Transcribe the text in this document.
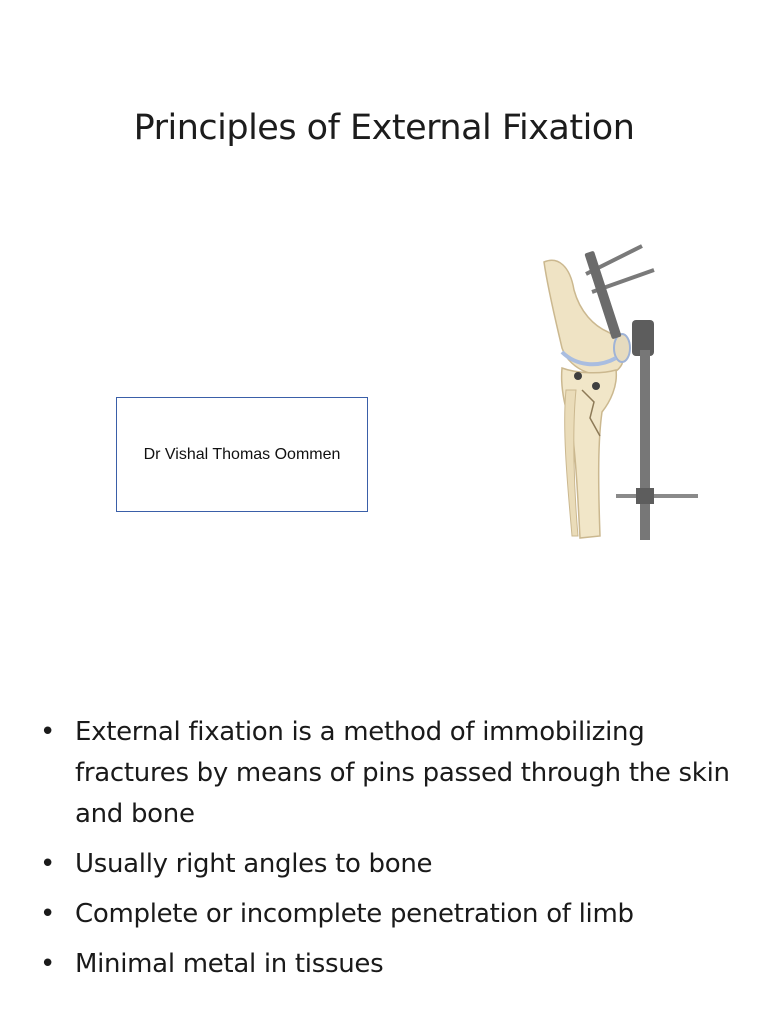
Principles of External Fixation
Dr Vishal Thomas Oommen
• External fixation is a method of immobilizing fractures by means of pins passed through the skin and bone
• Usually right angles to bone
• Complete or incomplete penetration of limb
• Minimal metal in tissues
